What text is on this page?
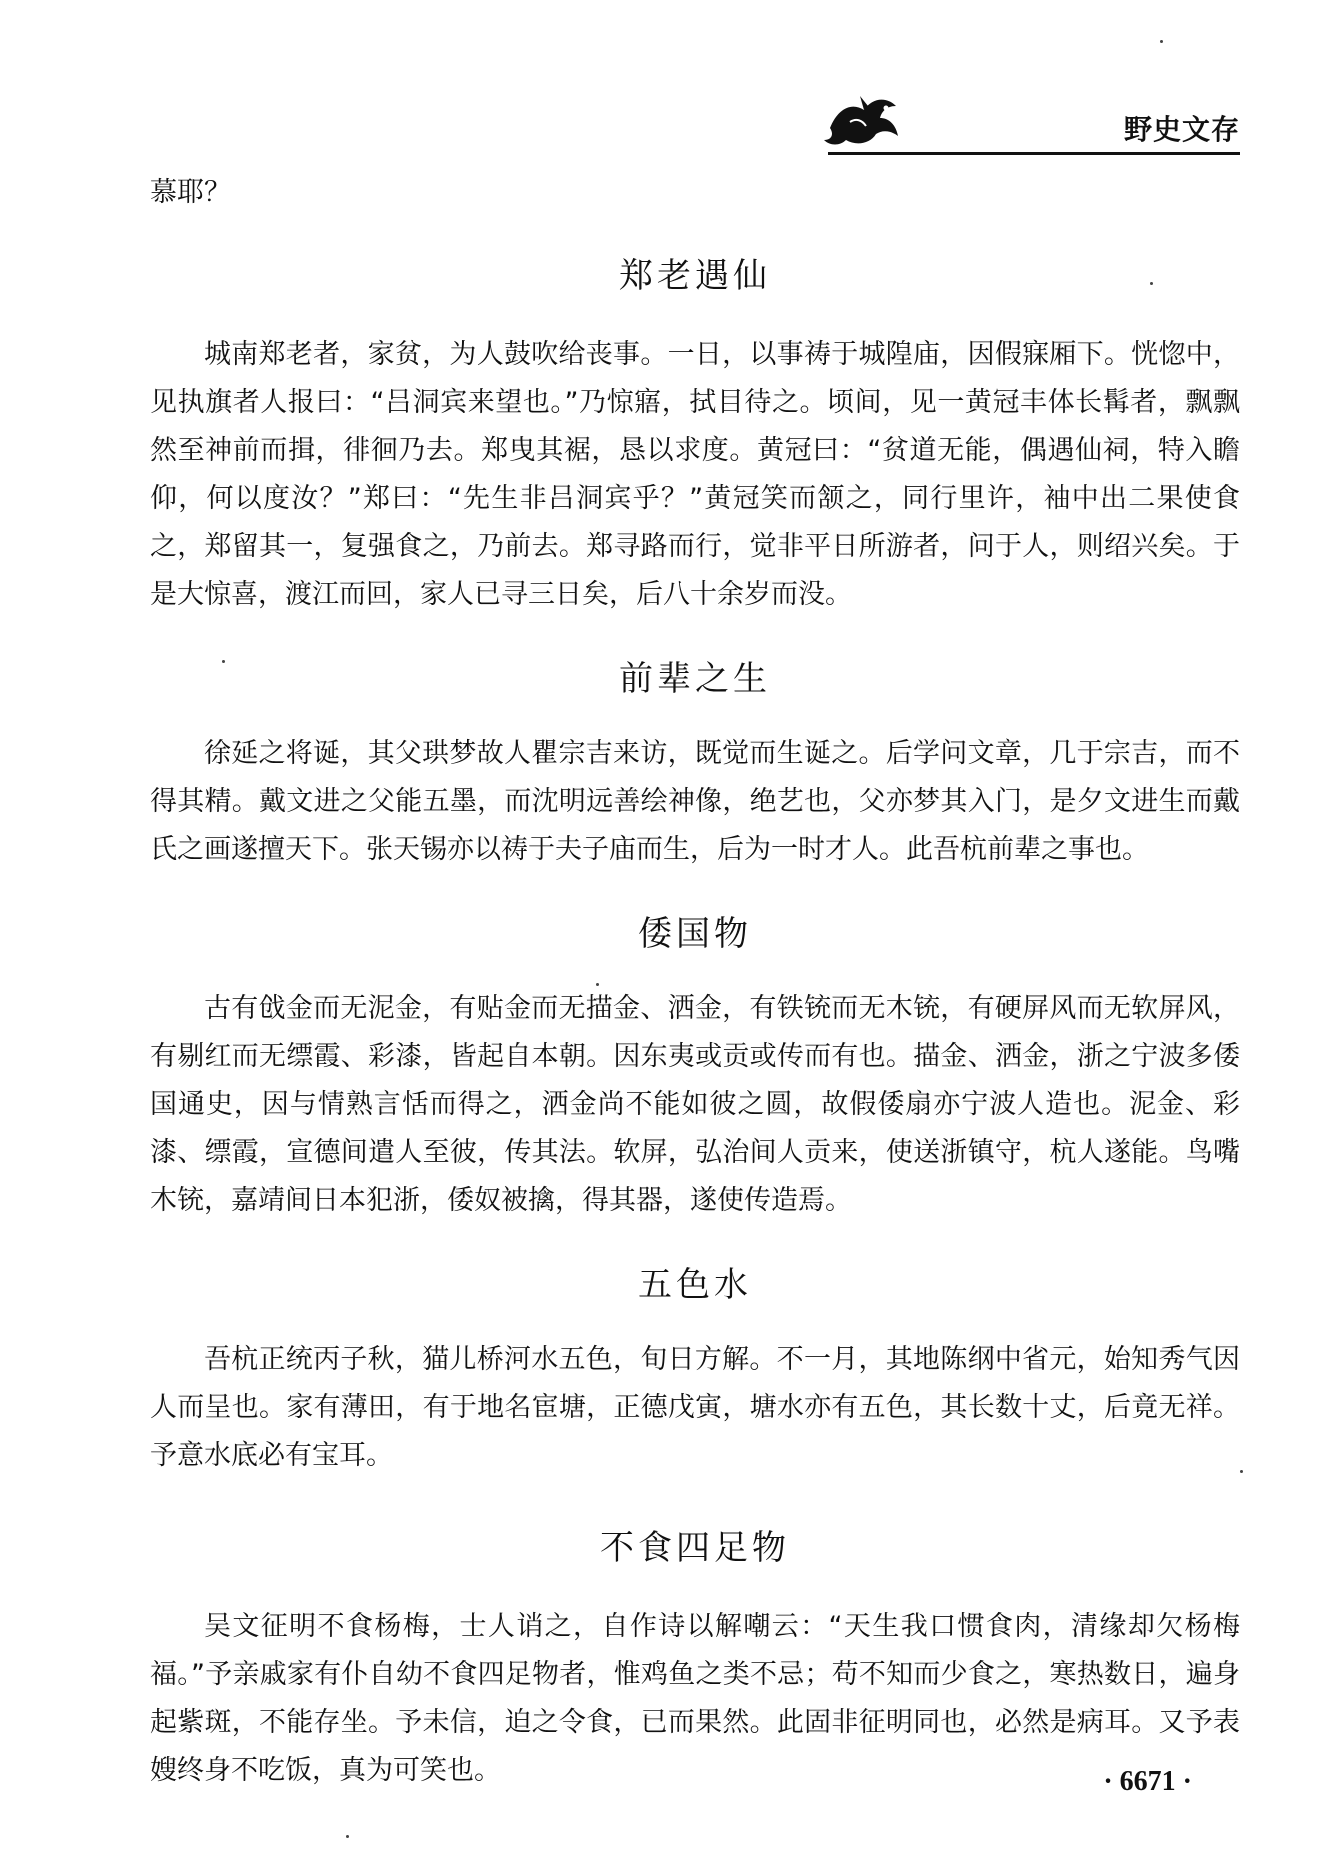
野史文存

慕耶？

郑老遇仙

城南郑老者，家贫，为人鼓吹给丧事。一日，以事祷于城隍庙，因假寐厢下。恍惚中，见执旗者人报曰：“吕洞宾来望也。”乃惊寤，拭目待之。顷间，见一黄冠丰体长髯者，飘飘然至神前而揖，徘徊乃去。郑曳其裾，恳以求度。黄冠曰：“贫道无能，偶遇仙祠，特入瞻仰，何以度汝？”郑曰：“先生非吕洞宾乎？”黄冠笑而颔之，同行里许，袖中出二果使食之，郑留其一，复强食之，乃前去。郑寻路而行，觉非平日所游者，问于人，则绍兴矣。于是大惊喜，渡江而回，家人已寻三日矣，后八十余岁而没。

前辈之生

徐延之将诞，其父珙梦故人瞿宗吉来访，既觉而生诞之。后学问文章，几于宗吉，而不得其精。戴文进之父能五墨，而沈明远善绘神像，绝艺也，父亦梦其入门，是夕文进生而戴氏之画遂擅天下。张天锡亦以祷于夫子庙而生，后为一时才人。此吾杭前辈之事也。

倭国物

古有戗金而无泥金，有贴金而无描金、洒金，有铁铳而无木铳，有硬屏风而无软屏风，有剔红而无缥霞、彩漆，皆起自本朝。因东夷或贡或传而有也。描金、洒金，浙之宁波多倭国通史，因与情熟言恬而得之，洒金尚不能如彼之圆，故假倭扇亦宁波人造也。泥金、彩漆、缥霞，宣德间遣人至彼，传其法。软屏，弘治间人贡来，使送浙镇守，杭人遂能。鸟嘴木铳，嘉靖间日本犯浙，倭奴被擒，得其器，遂使传造焉。

五色水

吾杭正统丙子秋，猫儿桥河水五色，旬日方解。不一月，其地陈纲中省元，始知秀气因人而呈也。家有薄田，有于地名宦塘，正德戊寅，塘水亦有五色，其长数十丈，后竟无祥。予意水底必有宝耳。

不食四足物

吴文征明不食杨梅，士人诮之，自作诗以解嘲云：“天生我口惯食肉，清缘却欠杨梅福。”予亲戚家有仆自幼不食四足物者，惟鸡鱼之类不忌；苟不知而少食之，寒热数日，遍身起紫斑，不能存坐。予未信，迫之令食，已而果然。此固非征明同也，必然是病耳。又予表嫂终身不吃饭，真为可笑也。	· 6671 ·
